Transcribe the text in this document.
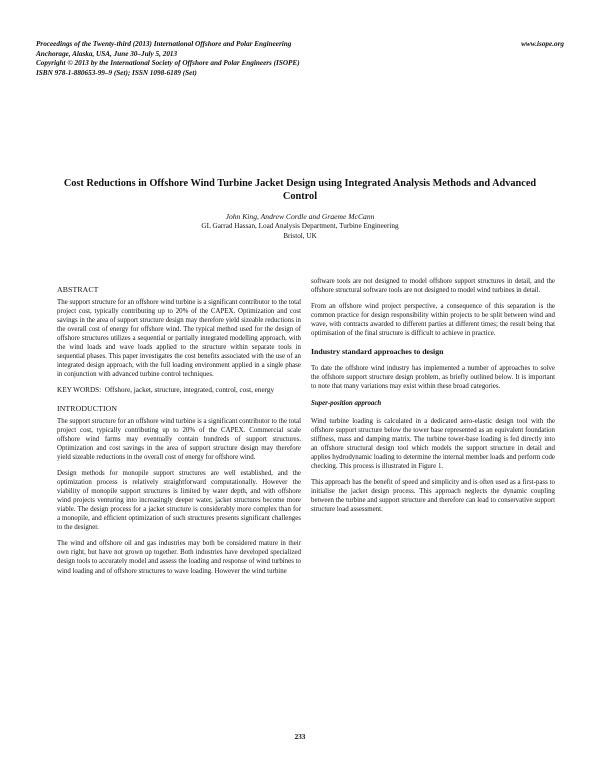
Proceedings of the Twenty-third (2013) International Offshore and Polar Engineering
Anchorage, Alaska, USA, June 30–July 5, 2013
Copyright © 2013 by the International Society of Offshore and Polar Engineers (ISOPE)
ISBN 978-1-880653-99–9 (Set); ISSN 1098-6189 (Set)
www.isope.org
Cost Reductions in Offshore Wind Turbine Jacket Design using Integrated Analysis Methods and Advanced Control
John King, Andrew Cordle and Graeme McCann
GL Garrad Hassan, Load Analysis Department, Turbine Engineering
Bristol, UK

ABSTRACT

The support structure for an offshore wind turbine is a significant contributor to the total project cost, typically contributing up to 20% of the CAPEX. Optimization and cost savings in the area of support structure design may therefore yield sizeable reductions in the overall cost of energy for offshore wind. The typical method used for the design of offshore structures utilizes a sequential or partially integrated modelling approach, with the wind loads and wave loads applied to the structure within separate tools in sequential phases. This paper investigates the cost benefits associated with the use of an integrated design approach, with the full loading environment applied in a single phase in conjunction with advanced turbine control techniques.

KEY WORDS: Offshore, jacket, structure, integrated, control, cost, energy

INTRODUCTION

The support structure for an offshore wind turbine is a significant contributor to the total project cost, typically contributing up to 20% of the CAPEX. Commercial scale offshore wind farms may eventually contain hundreds of support structures. Optimization and cost savings in the area of support structure design may therefore yield sizeable reductions in the overall cost of energy for offshore wind.

Design methods for monopile support structures are well established, and the optimization process is relatively straightforward computationally. However the viability of monopile support structures is limited by water depth, and with offshore wind projects venturing into increasingly deeper water, jacket structures become more viable. The design process for a jacket structure is considerably more complex than for a monopile, and efficient optimization of such structures presents significant challenges to the designer.

The wind and offshore oil and gas industries may both be considered mature in their own right, but have not grown up together. Both industries have developed specialized design tools to accurately model and assess the loading and response of wind turbines to wind loading and of offshore structures to wave loading. However the wind turbine

software tools are not designed to model offshore support structures in detail, and the offshore structural software tools are not designed to model wind turbines in detail.

From an offshore wind project perspective, a consequence of this separation is the common practice for design responsibility within projects to be split between wind and wave, with contracts awarded to different parties at different times; the result being that optimisation of the final structure is difficult to achieve in practice.

Industry standard approaches to design

To date the offshore wind industry has implemented a number of approaches to solve the offshore support structure design problem, as briefly outlined below. It is important to note that many variations may exist within these broad categories.

Super-position approach

Wind turbine loading is calculated in a dedicated aero-elastic design tool with the offshore support structure below the tower base represented as an equivalent foundation stiffness, mass and damping matrix. The turbine tower-base loading is fed directly into an offshore structural design tool which models the support structure in detail and applies hydrodynamic loading to determine the internal member loads and perform code checking. This process is illustrated in Figure 1.

This approach has the benefit of speed and simplicity and is often used as a first-pass to initialise the jacket design process. This approach neglects the dynamic coupling between the turbine and support structure and therefore can lead to conservative support structure load assessment.

233
